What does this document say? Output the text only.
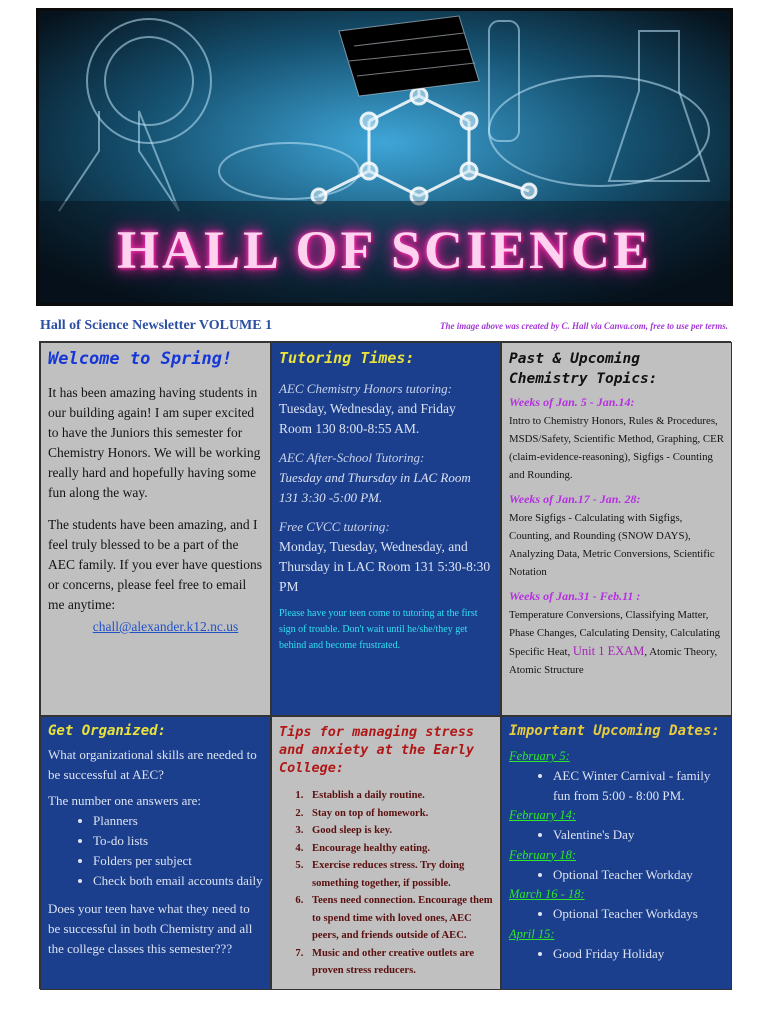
HALL OF SCIENCE
Hall of Science Newsletter VOLUME 1	The image above was created by C. Hall via Canva.com, free to use per terms.
Welcome to Spring!

It has been amazing having students in our building again! I am super excited to have the Juniors this semester for Chemistry Honors. We will be working really hard and hopefully having some fun along the way.

The students have been amazing, and I feel truly blessed to be a part of the AEC family. If you ever have questions or concerns, please feel free to email me anytime:

chall@alexander.k12.nc.us
Tutoring Times:

AEC Chemistry Honors tutoring:

Tuesday, Wednesday, and Friday

Room 130 8:00-8:55 AM.

AEC After-School Tutoring:

Tuesday and Thursday in LAC Room 131 3:30 -5:00 PM.

Free CVCC tutoring:

Monday, Tuesday, Wednesday, and Thursday in LAC Room 131 5:30-8:30 PM

Please have your teen come to tutoring at the first sign of trouble. Don't wait until he/she/they get behind and become frustrated.
Past & Upcoming Chemistry Topics:

Weeks of Jan. 5 - Jan.14:

Intro to Chemistry Honors, Rules & Procedures, MSDS/Safety, Scientific Method, Graphing, CER (claim-evidence-reasoning), Sigfigs - Counting and Rounding.

Weeks of Jan.17 - Jan. 28:

More Sigfigs - Calculating with Sigfigs, Counting, and Rounding (SNOW DAYS), Analyzing Data, Metric Conversions, Scientific Notation

Weeks of Jan.31 - Feb.11 :

Temperature Conversions, Classifying Matter, Phase Changes, Calculating Density, Calculating Specific Heat, Unit 1 EXAM, Atomic Theory, Atomic Structure

Get Organized:

What organizational skills are needed to be successful at AEC?

The number one answers are:

• Planners
• To-do lists
• Folders per subject
• Check both email accounts daily

Does your teen have what they need to be successful in both Chemistry and all the college classes this semester???

Tips for managing stress and anxiety at the Early College:
1. Establish a daily routine.
2. Stay on top of homework.
3. Good sleep is key.
4. Encourage healthy eating.
5. Exercise reduces stress. Try doing something together, if possible.
6. Teens need connection. Encourage them to spend time with loved ones, AEC peers, and friends outside of AEC.
7. Music and other creative outlets are proven stress reducers.
Important Upcoming Dates:

February 5:

• AEC Winter Carnival - family fun from 5:00 - 8:00 PM.

February 14:

• Valentine's Day

February 18:

• Optional Teacher Workday

March 16 - 18:

• Optional Teacher Workdays

April 15:

• Good Friday Holiday
